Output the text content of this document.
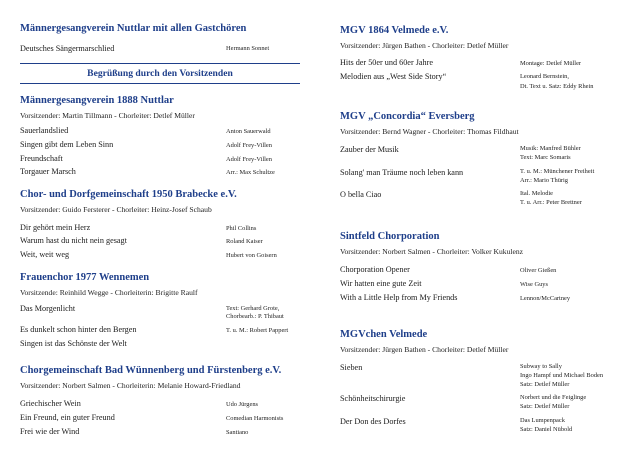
Männergesangverein Nuttlar mit allen Gastchören
Deutsches Sängermarschlied	Hermann Sonnet
Begrüßung durch den Vorsitzenden
Männergesangverein 1888 Nuttlar
Vorsitzender: Martin Tillmann - Chorleiter: Detlef Müller
Sauerlandslied	Anton Sauerwald
Singen gibt dem Leben Sinn	Adolf Frey-Villen
Freundschaft	Adolf Frey-Villen
Torgauer Marsch	Arr.: Max Schultze
Chor- und Dorfgemeinschaft 1950 Brabecke e.V.
Vorsitzender: Guido Fersterer - Chorleiter: Heinz-Josef Schaub
Dir gehört mein Herz	Phil Collins
Warum hast du nicht nein gesagt	Roland Kaiser
Weit, weit weg	Hubert von Goisern
Frauenchor 1977 Wennemen
Vorsitzende: Reinhild Wegge - Chorleiterin: Brigitte Raulf
Das Morgenlicht	Text: Gerhard Grote,
Chorbearb.: P. Thibaut
Es dunkelt schon hinter den Bergen	T. u. M.: Robert Pappert
Singen ist das Schönste der Welt
Chorgemeinschaft Bad Wünnenberg und Fürstenberg e.V.
Vorsitzender: Norbert Salmen - Chorleiterin: Melanie Howard-Friedland
Griechischer Wein	Udo Jürgens
Ein Freund, ein guter Freund	Comedian Harmonists
Frei wie der Wind	Santiano
MGV 1864 Velmede e.V.
Vorsitzender: Jürgen Bathen - Chorleiter: Detlef Müller
Hits der 50er und 60er Jahre	Montage: Detlef Müller
Melodien aus „West Side Story“	Leonard Bernstein,
Dt. Text u. Satz: Eddy Rhein
MGV „Concordia“ Eversberg
Vorsitzender: Bernd Wagner - Chorleiter: Thomas Fildhaut
Zauber der Musik	Musik: Manfred Bühler
Text: Marc Somaris
Solang' man Träume noch leben kann	T. u. M.: Münchener Freiheit
Arr.: Mario Thürig
O bella Ciao	Ital. Melodie
T. u. Arr.: Peter Brettner
Sintfeld Chorporation
Vorsitzender: Norbert Salmen - Chorleiter: Volker Kukulenz
Chorporation Opener	Oliver Gießen
Wir hatten eine gute Zeit	Wise Guys
With a Little Help from My Friends	Lennon/McCartney
MGVchen Velmede
Vorsitzender: Jürgen Bathen - Chorleiter: Detlef Müller
Sieben	Subway to Sally
Ingo Hampf und Michael Boden
Satz: Detlef Müller
Schönheitschirurgie	Norbert und die Feiglinge
Satz: Detlef Müller
Der Don des Dorfes	Das Lumpenpack
Satz: Daniel Nübold
